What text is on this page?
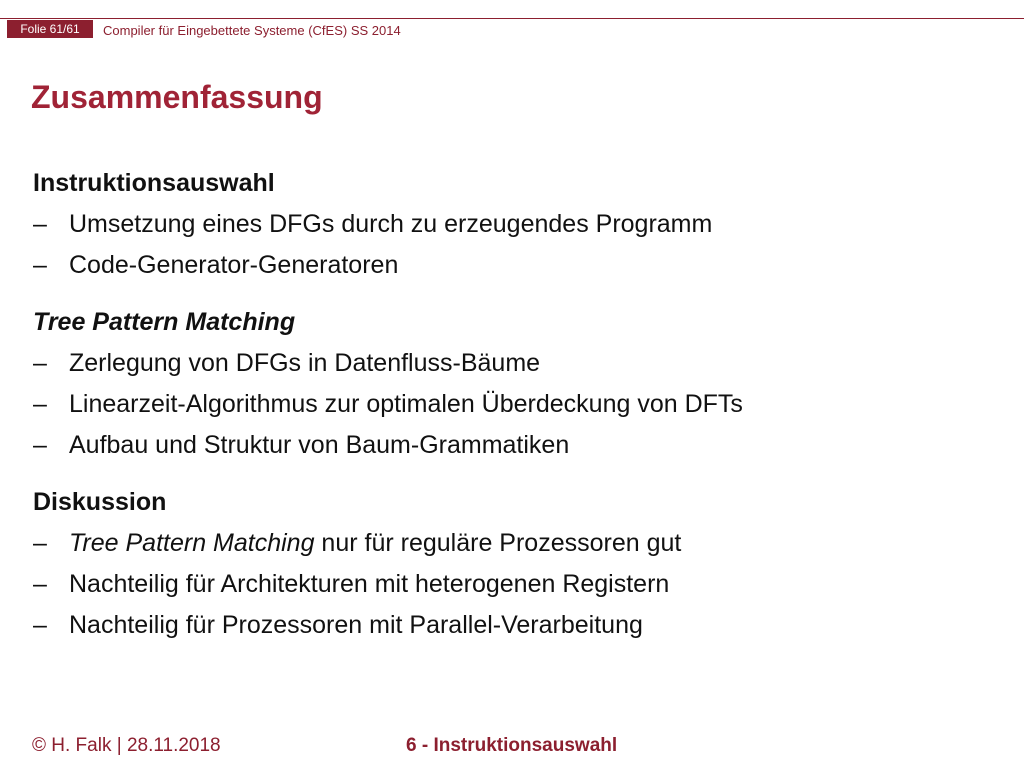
Folie 61/61	Compiler für Eingebettete Systeme (CfES) SS 2014
Zusammenfassung
Instruktionsauswahl
– Umsetzung eines DFGs durch zu erzeugendes Programm
– Code-Generator-Generatoren
Tree Pattern Matching
– Zerlegung von DFGs in Datenfluss-Bäume
– Linearzeit-Algorithmus zur optimalen Überdeckung von DFTs
– Aufbau und Struktur von Baum-Grammatiken
Diskussion
– Tree Pattern Matching nur für reguläre Prozessoren gut
– Nachteilig für Architekturen mit heterogenen Registern
– Nachteilig für Prozessoren mit Parallel-Verarbeitung
© H. Falk | 28.11.2018	6 - Instruktionsauswahl
